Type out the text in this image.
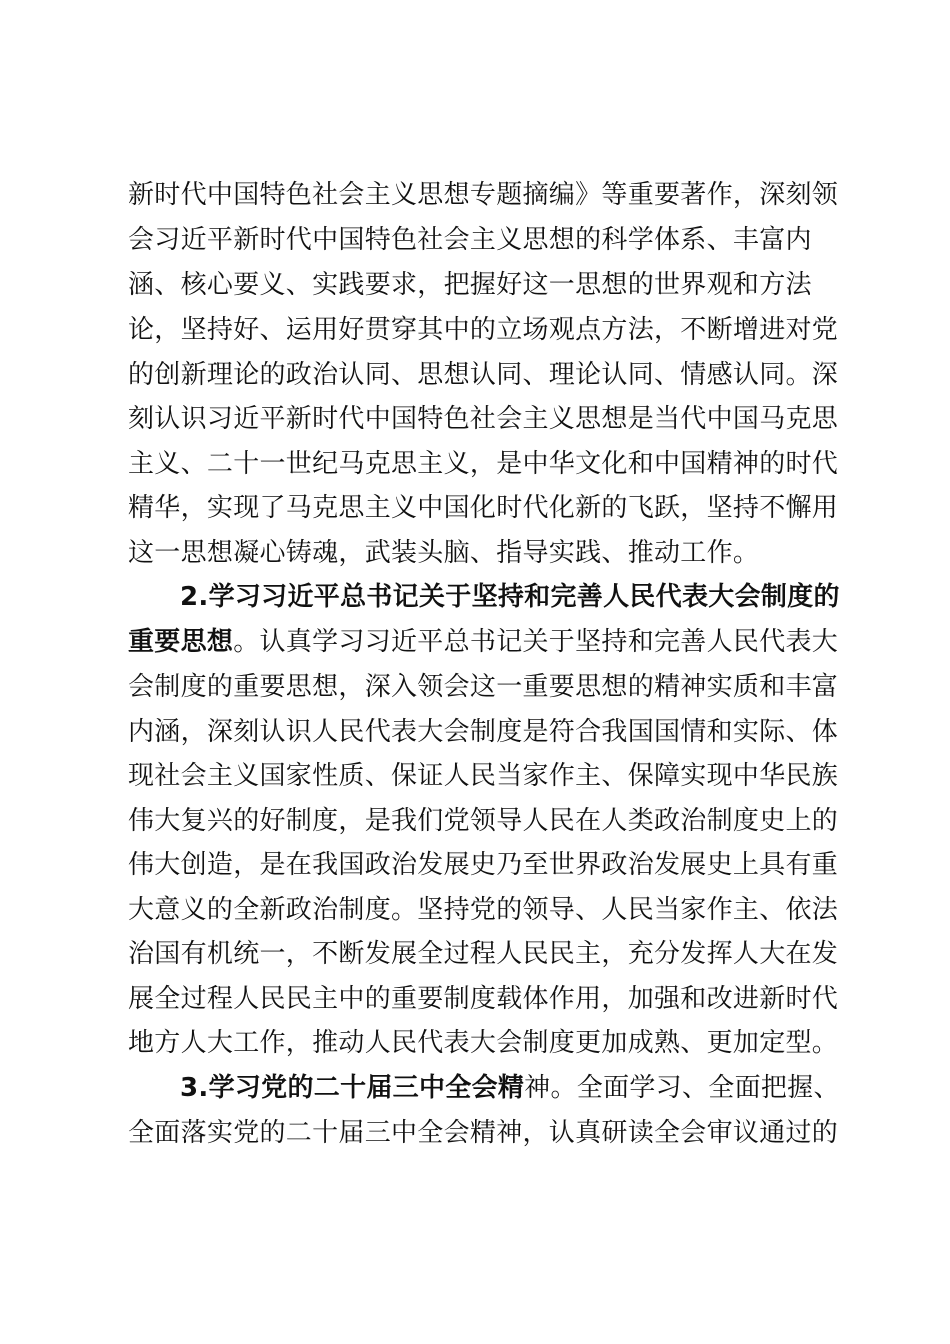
新时代中国特色社会主义思想专题摘编》等重要著作，深刻领
会习近平新时代中国特色社会主义思想的科学体系、丰富内
涵、核心要义、实践要求，把握好这一思想的世界观和方法
论，坚持好、运用好贯穿其中的立场观点方法，不断增进对党
的创新理论的政治认同、思想认同、理论认同、情感认同。深
刻认识习近平新时代中国特色社会主义思想是当代中国马克思
主义、二十一世纪马克思主义，是中华文化和中国精神的时代
精华，实现了马克思主义中国化时代化新的飞跃，坚持不懈用
这一思想凝心铸魂，武装头脑、指导实践、推动工作。
2.学习习近平总书记关于坚持和完善人民代表大会制度的
重要思想。认真学习习近平总书记关于坚持和完善人民代表大
会制度的重要思想，深入领会这一重要思想的精神实质和丰富
内涵，深刻认识人民代表大会制度是符合我国国情和实际、体
现社会主义国家性质、保证人民当家作主、保障实现中华民族
伟大复兴的好制度，是我们党领导人民在人类政治制度史上的
伟大创造，是在我国政治发展史乃至世界政治发展史上具有重
大意义的全新政治制度。坚持党的领导、人民当家作主、依法
治国有机统一，不断发展全过程人民民主，充分发挥人大在发
展全过程人民民主中的重要制度载体作用，加强和改进新时代
地方人大工作，推动人民代表大会制度更加成熟、更加定型。
3.学习党的二十届三中全会精神。全面学习、全面把握、
全面落实党的二十届三中全会精神，认真研读全会审议通过的
